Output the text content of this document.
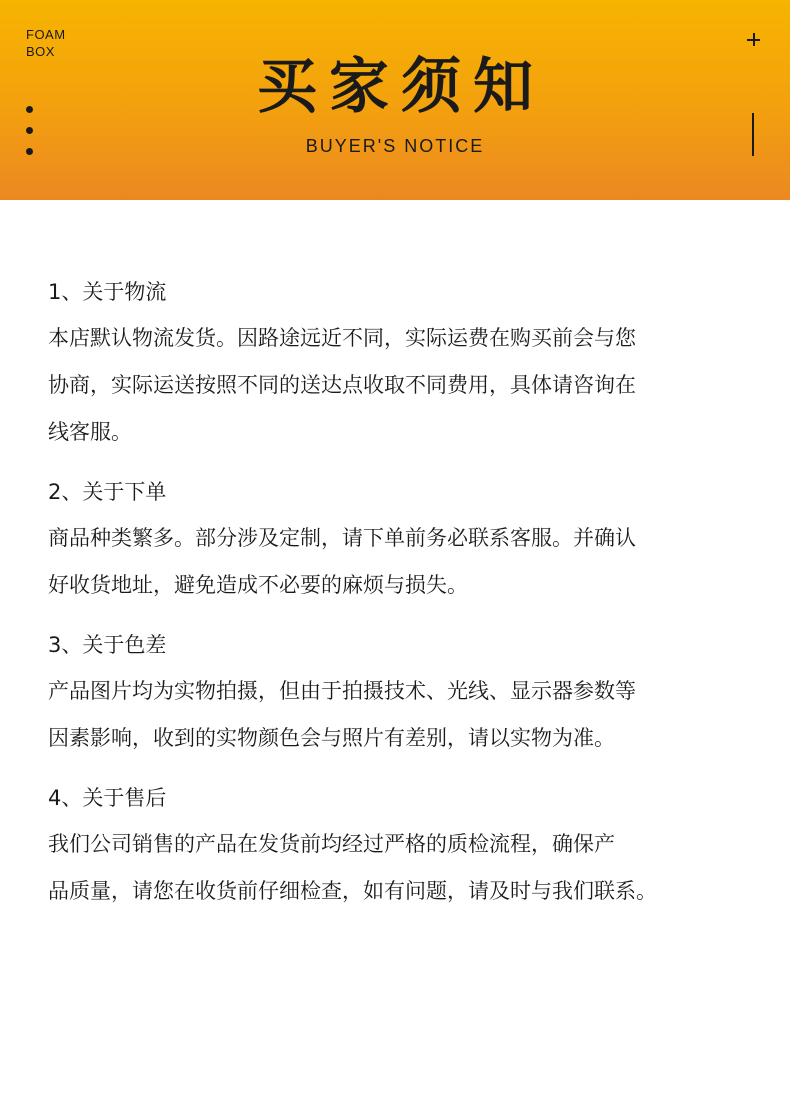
FOAM
BOX
买家须知
BUYER'S NOTICE
1、关于物流
本店默认物流发货。因路途远近不同，实际运费在购买前会与您
协商，实际运送按照不同的送达点收取不同费用，具体请咨询在
线客服。
2、关于下单
商品种类繁多。部分涉及定制，请下单前务必联系客服。并确认
好收货地址，避免造成不必要的麻烦与损失。
3、关于色差
产品图片均为实物拍摄，但由于拍摄技术、光线、显示器参数等
因素影响，收到的实物颜色会与照片有差别，请以实物为准。
4、关于售后
我们公司销售的产品在发货前均经过严格的质检流程，确保产
品质量，请您在收货前仔细检查，如有问题，请及时与我们联系。
